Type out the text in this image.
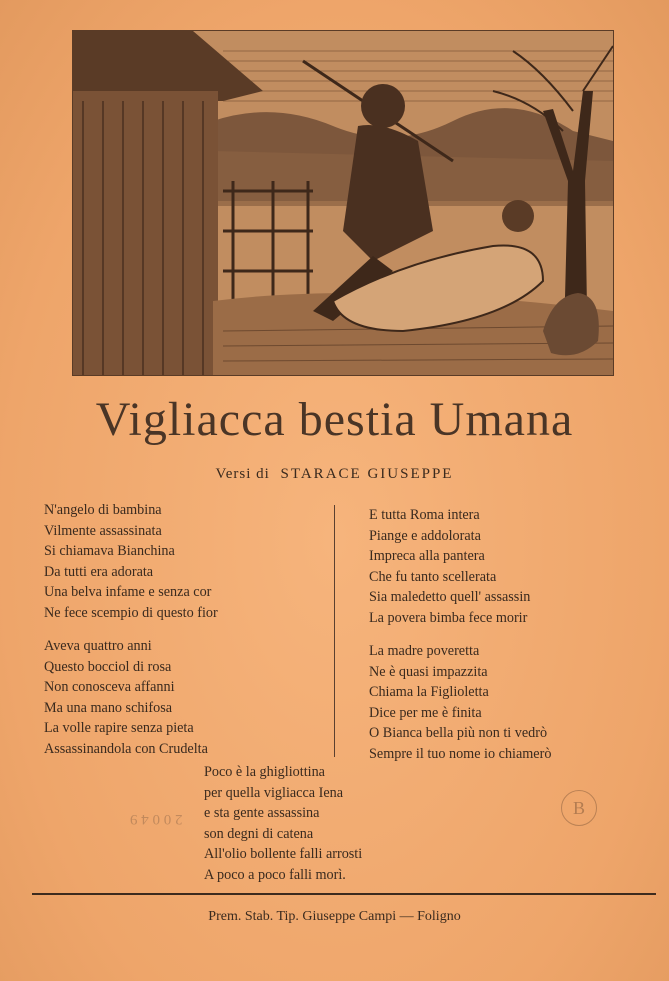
Vigliacca bestia Umana
Versi di STARACE GIUSEPPE
N'angelo di bambina
Vilmente assassinata
Si chiamava Bianchina
Da tutti era adorata
Una belva infame e senza cor
Ne fece scempio di questo fior
Aveva quattro anni
Questo bocciol di rosa
Non conosceva affanni
Ma una mano schifosa
La volle rapire senza pieta
Assassinandola con Crudelta
E tutta Roma intera
Piange e addolorata
Impreca alla pantera
Che fu tanto scellerata
Sia maledetto quell' assassin
La povera bimba fece morir
La madre poveretta
Ne è quasi impazzita
Chiama la Figlioletta
Dice per me è finita
O Bianca bella più non ti vedrò
Sempre il tuo nome io chiamerò
Poco è la ghigliottina
per quella vigliacca Iena
e sta gente assassina
son degni di catena
All'olio bollente falli arrosti
A poco a poco falli morì.
2 0 0 4 9
B
Prem. Stab. Tip. Giuseppe Campi — Foligno
